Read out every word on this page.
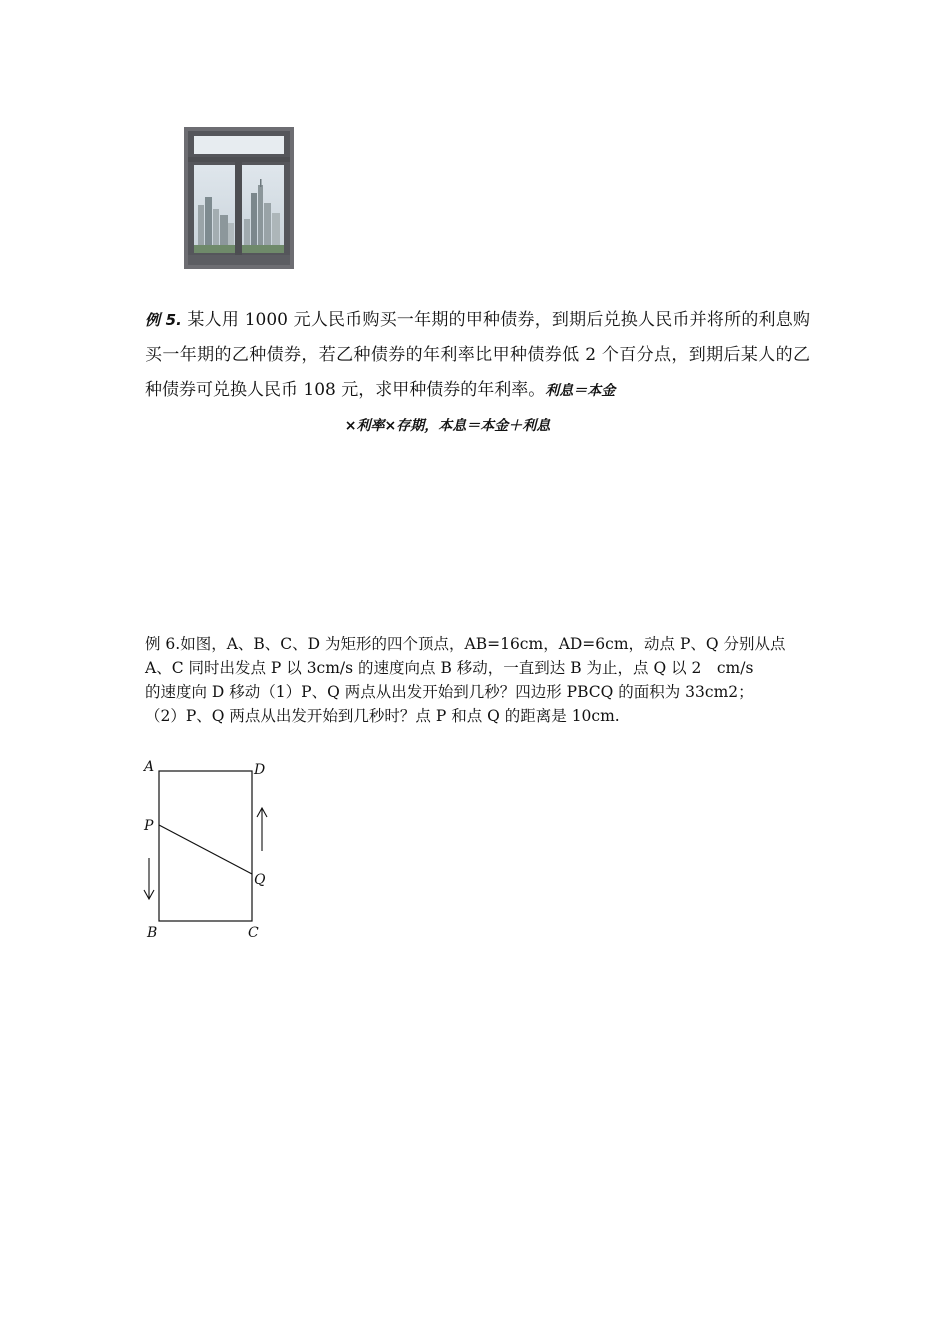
例 5. 某人用 1000 元人民币购买一年期的甲种债券，到期后兑换人民币并将所的利息购买一年期的乙种债券，若乙种债券的年利率比甲种债券低 2 个百分点，到期后某人的乙种债券可兑换人民币 108 元，求甲种债券的年利率。利息＝本金
×利率×存期，本息＝本金＋利息
例 6.如图，A、B、C、D 为矩形的四个顶点，AB=16cm，AD=6cm，动点 P、Q 分别从点
A、C 同时出发点 P 以 3cm/s 的速度向点 B 移动，一直到达 B 为止，点 Q 以 2　cm/s
的速度向 D 移动（1）P、Q 两点从出发开始到几秒？四边形 PBCQ 的面积为 33cm2；
（2）P、Q 两点从出发开始到几秒时？点 P 和点 Q 的距离是 10cm.
A	D
P
Q
B	C
